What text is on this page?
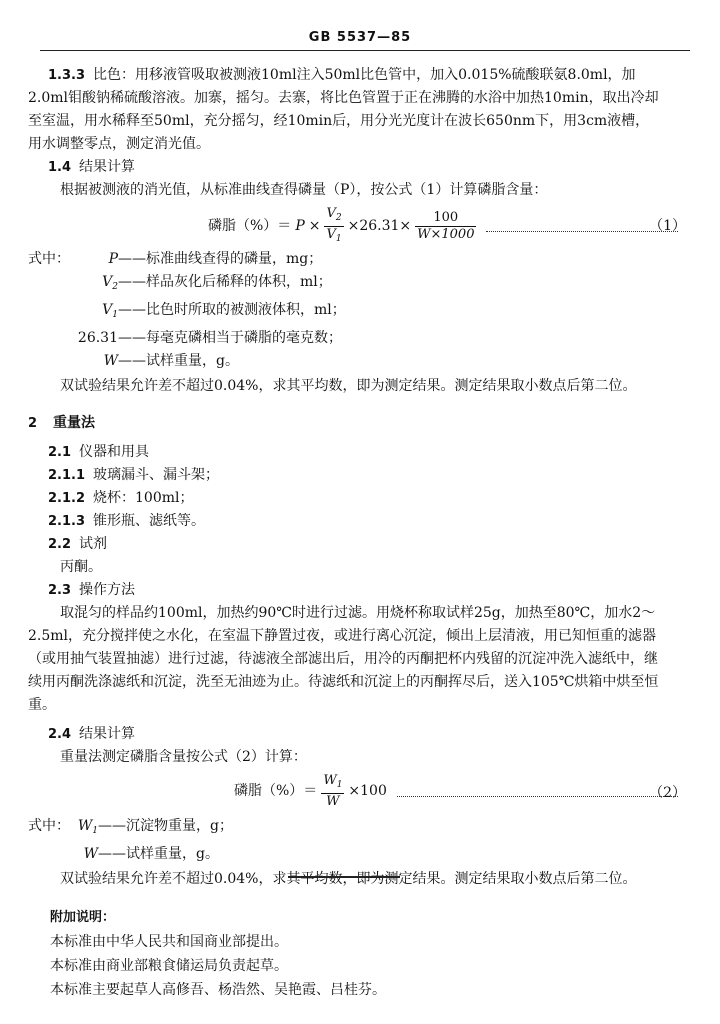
GB 5537—85

1.3.3 比色：用移液管吸取被测液10ml注入50ml比色管中，加入0.015%硫酸联氨8.0ml，加

2.0ml钼酸钠稀硫酸溶液。加寨，摇匀。去寨，将比色管置于正在沸腾的水浴中加热10min，取出冷却

至室温，用水稀释至50ml，充分摇匀，经10min后，用分光光度计在波长650nm下，用3cm液槽，

用水调整零点，测定消光值。

1.4 结果计算

根据被测液的消光值，从标准曲线查得磷量（P），按公式（1）计算磷脂含量：

磷脂（%）＝ $P \times \frac{V_2}{V_1} \times 26.31\times \frac{100}{W\times 1000}$	（1）
式中：	P ——标准曲线查得的磷量，mg；
$V_2$ ——样品灰化后稀释的体积，ml；
$V_1$ ——比色时所取的被测液体积，ml；
26.31 ——每毫克磷相当于磷脂的毫克数；
W ——试样重量，g。

双试验结果允许差不超过0.04%，求其平均数，即为测定结果。测定结果取小数点后第二位。

2 重量法

2.1 仪器和用具

2.1.1 玻璃漏斗、漏斗架；

2.1.2 烧杯：100ml；

2.1.3 锥形瓶、滤纸等。

2.2 试剂

丙酮。

2.3 操作方法

取混匀的样品约100ml，加热约90℃时进行过滤。用烧杯称取试样25g，加热至80℃，加水2～

2.5ml，充分搅拌使之水化，在室温下静置过夜，或进行离心沉淀，倾出上层清液，用已知恒重的滤器

（或用抽气装置抽滤）进行过滤，待滤液全部滤出后，用冷的丙酮把杯内残留的沉淀冲洗入滤纸中，继

续用丙酮洗涤滤纸和沉淀，洗至无油迹为止。待滤纸和沉淀上的丙酮挥尽后，送入105℃烘箱中烘至恒

重。

2.4 结果计算

重量法测定磷脂含量按公式（2）计算：

磷脂（%）＝ $\frac{W_1}{W} \times 100$	（2）
式中： $W_1$ ——沉淀物重量，g；
W ——试样重量，g。

双试验结果允许差不超过0.04%，求其平均数，即为测定结果。测定结果取小数点后第二位。

附加说明：
本标准由中华人民共和国商业部提出。
本标准由商业部粮食储运局负责起草。
本标准主要起草人高修吾、杨浩然、吴艳霞、吕桂芬。
